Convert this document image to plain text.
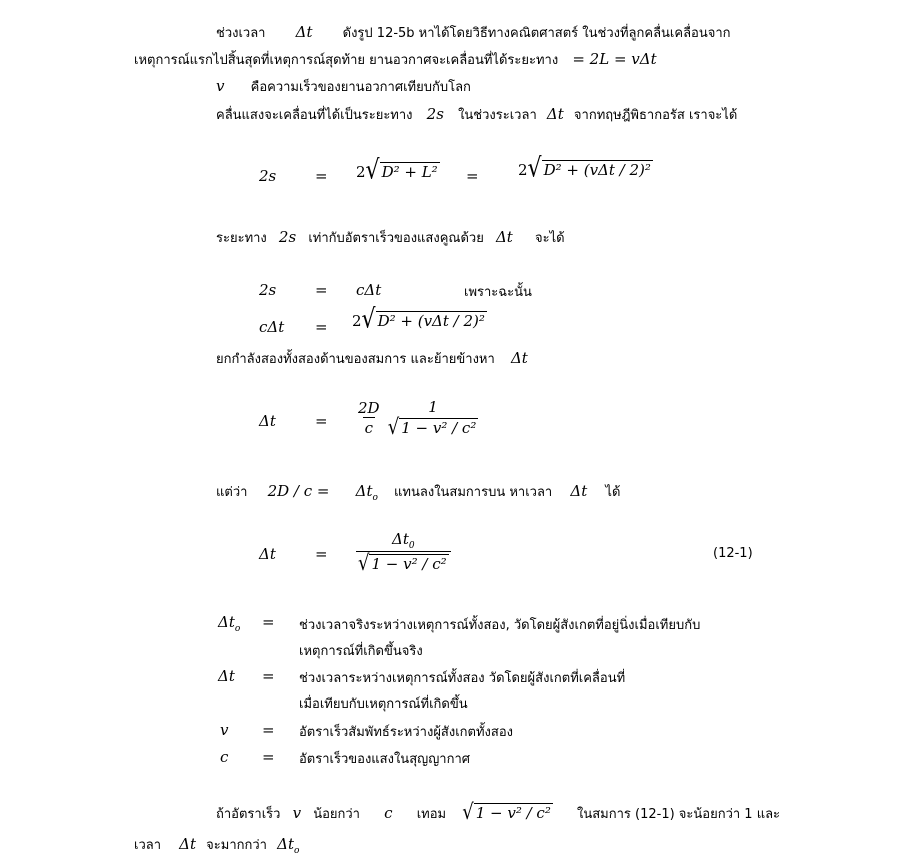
ช่วงเวลา Δt ดังรูป 12-5b หาได้โดยวิธีทางคณิตศาสตร์ ในช่วงที่ลูกคลื่นเคลื่อนจาก
เหตุการณ์แรกไปสิ้นสุดที่เหตุการณ์สุดท้าย ยานอวกาศจะเคลื่อนที่ได้ระยะทาง = 2L = vΔt
v คือความเร็วของยานอวกาศเทียบกับโลก
คลื่นแสงจะเคลื่อนที่ได้เป็นระยะทาง 2s ในช่วงระเวลา Δt จากทฤษฎีพิธากอรัส เราจะได้
2s	= 2√ D² + L² =	2√ D² + (vΔt / 2)²
ระยะทาง 2s เท่ากับอัตราเร็วของแสงคูณด้วย Δt จะได้
2s	= cΔt	เพราะฉะนั้น
cΔt = 2√ D² + (vΔt / 2)²
ยกกำลังสองทั้งสองด้านของสมการ และย้ายข้างหา Δt
Δt	= $\frac{2D}{c}$
	1
√ 1 − v² / c²
แต่ว่า $2D / c = \Delta t_o$ แทนลงในสมการบน หาเวลา Δt ได้
Δt	= $\frac{\Delta t_0}{\text{√ 1 − v² / c²}}$	(12-1)
$\Delta t_o$ = ช่วงเวลาจริงระหว่างเหตุการณ์ทั้งสอง, วัดโดยผู้สังเกตที่อยู่นิ่งเมื่อเทียบกับ
เหตุการณ์ที่เกิดขึ้นจริง
Δt = ช่วงเวลาระหว่างเหตุการณ์ทั้งสอง วัดโดยผู้สังเกตที่เคลื่อนที่
เมื่อเทียบกับเหตุการณ์ที่เกิดขึ้น
v = อัตราเร็วสัมพัทธ์ระหว่างผู้สังเกตทั้งสอง
c = อัตราเร็วของแสงในสุญญากาศ
ถ้าอัตราเร็ว v น้อยกว่า c เทอม √ 1 − v² / c² ในสมการ (12-1) จะน้อยกว่า 1 และ
เวลา Δt จะมากกว่า $\Delta t_o$
